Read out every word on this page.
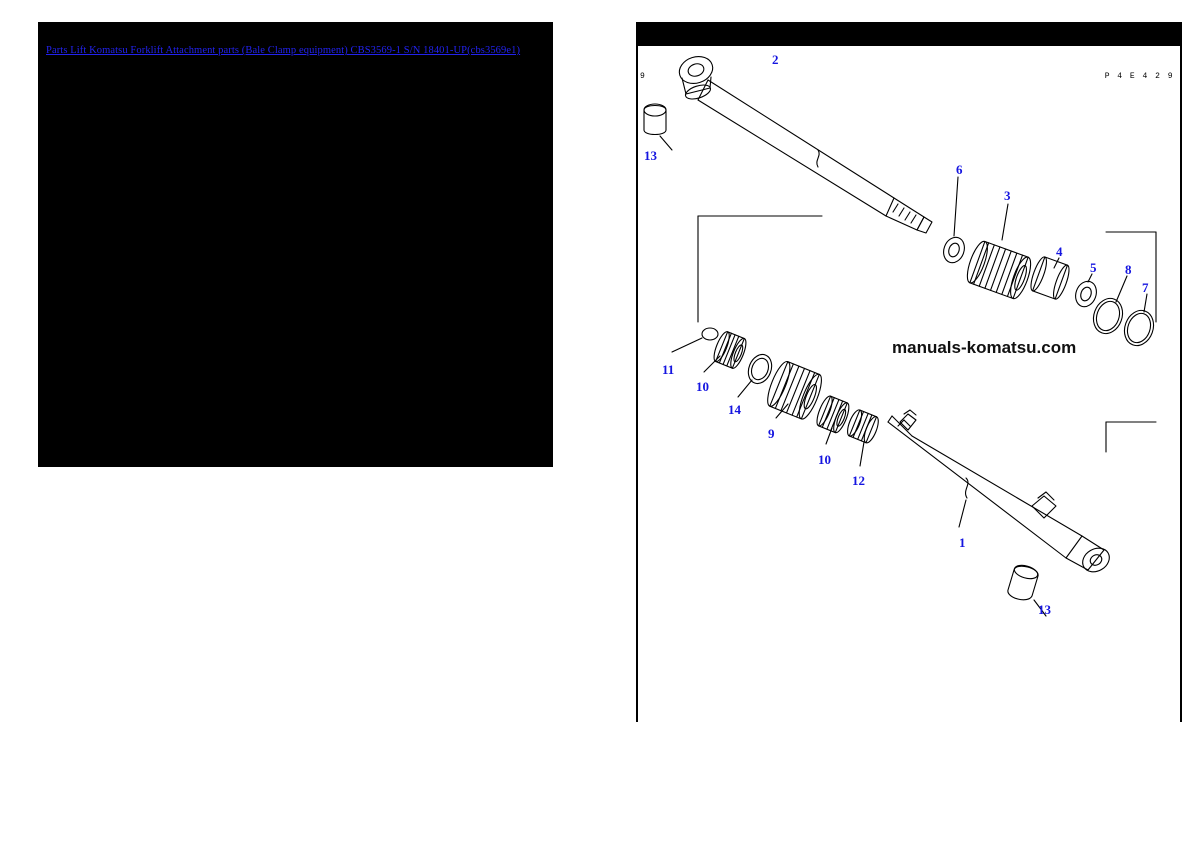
Parts Lift Komatsu Forklift Attachment parts (Bale Clamp equipment) CBS3569-1 S/N 18401-UP(cbs3569e1)
9	P 4 E 4 2 9
manuals-komatsu.com
2
13
6
3
4
5 8
7
11
10
14
9
10
12
1
13
